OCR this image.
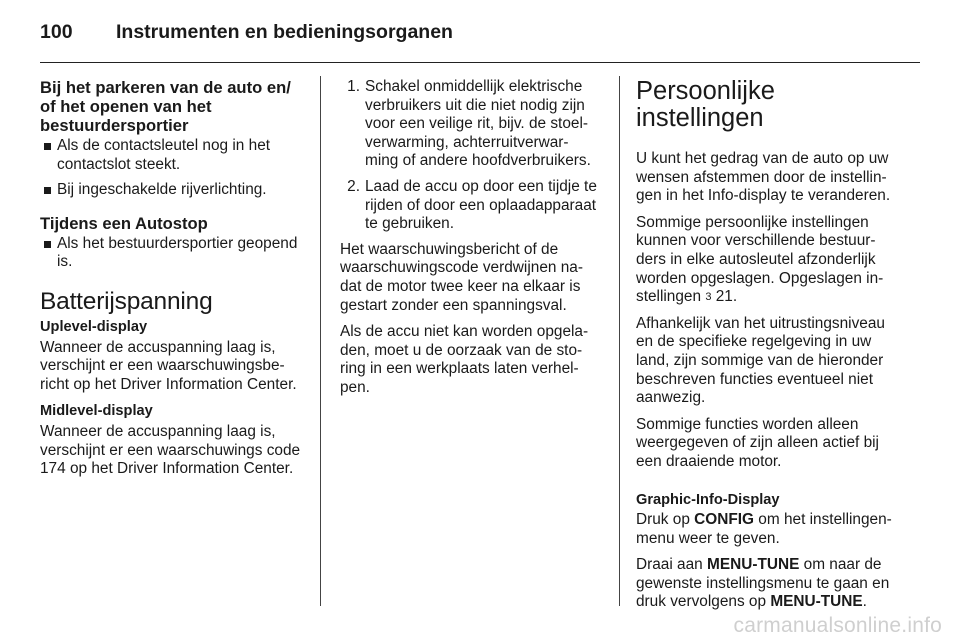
100 Instrumenten en bedieningsorganen
Bij het parkeren van de auto en/ of het openen van het bestuurdersportier
Als de contactsleutel nog in het contactslot steekt.
Bij ingeschakelde rijverlichting.
Tijdens een Autostop
Als het bestuurdersportier geopend is.
Batterijspanning
Uplevel-display

Wanneer de accuspanning laag is, verschijnt er een waarschuwingsbe- richt op het Driver Information Center.

Midlevel-display

Wanneer de accuspanning laag is, verschijnt er een waarschuwings code 174 op het Driver Information Center.

1. Schakel onmiddellijk elektrische verbruikers uit die niet nodig zijn voor een veilige rit, bijv. de stoel- verwarming, achterruitverwar- ming of andere hoofdverbruikers.
2. Laad de accu op door een tijdje te rijden of door een oplaadapparaat te gebruiken.

Het waarschuwingsbericht of de waarschuwingscode verdwijnen na- dat de motor twee keer na elkaar is gestart zonder een spanningsval.

Als de accu niet kan worden opgela- den, moet u de oorzaak van de sto- ring in een werkplaats laten verhel- pen.

Persoonlijke instellingen

U kunt het gedrag van de auto op uw wensen afstemmen door de instellin- gen in het Info-display te veranderen.

Sommige persoonlijke instellingen kunnen voor verschillende bestuur- ders in elke autosleutel afzonderlijk worden opgeslagen. Opgeslagen in- stellingen 3 21.

Afhankelijk van het uitrustingsniveau en de specifieke regelgeving in uw land, zijn sommige van de hieronder beschreven functies eventueel niet aanwezig.

Sommige functies worden alleen weergegeven of zijn alleen actief bij een draaiende motor.

Graphic-Info-Display

Druk op CONFIG om het instellingen- menu weer te geven.

Draai aan MENU-TUNE om naar de gewenste instellingsmenu te gaan en druk vervolgens op MENU-TUNE.

carmanualsonline.info
